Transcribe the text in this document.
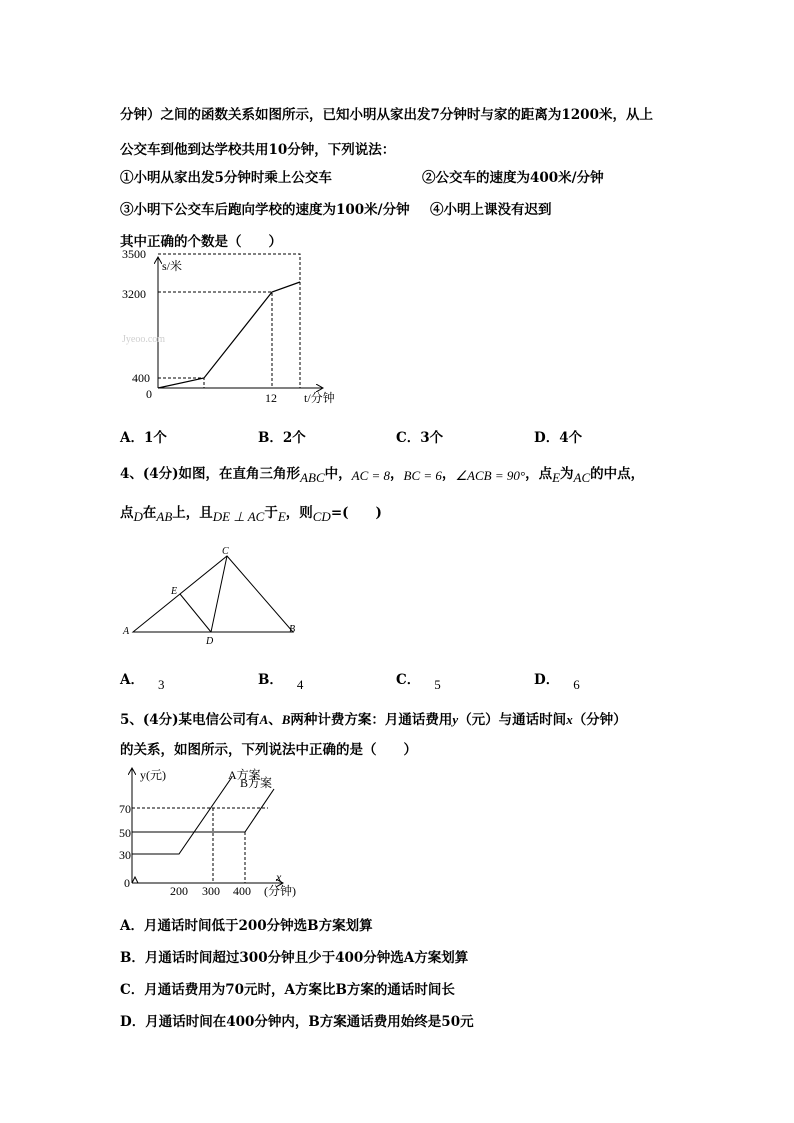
分钟）之间的函数关系如图所示，已知小明从家出发7分钟时与家的距离为1200米，从上
公交车到他到达学校共用10分钟，下列说法：
①小明从家出发5分钟时乘上公交车	②公交车的速度为400米/分钟
③小明下公交车后跑向学校的速度为100米/分钟 ④小明上课没有迟到
其中正确的个数是（　　）
s/米
t/分钟
3500
3200
400
0	12
Jyeoo.com
A．1个	B．2个	C．3个	D．4个
4、(4分)如图，在直角三角形ABC中，AC = 8，BC = 6，∠ACB = 90°，点E为AC的中点，
点D在AB上，且DE ⊥ AC于E，则CD=(　　)
A	B
C
D
E
A． 3	B． 4	C． 5	D． 6
5、(4分)某电信公司有A、B两种计费方案：月通话费用y（元）与通话时间x（分钟）
的关系，如图所示，下列说法中正确的是（　　）
y(元)
x
(分钟)
70
50
30
0
200 300 400
A方案
B方案
A．月通话时间低于200分钟选B方案划算
B．月通话时间超过300分钟且少于400分钟选A方案划算
C．月通话费用为70元时，A方案比B方案的通话时间长
D．月通话时间在400分钟内，B方案通话费用始终是50元
